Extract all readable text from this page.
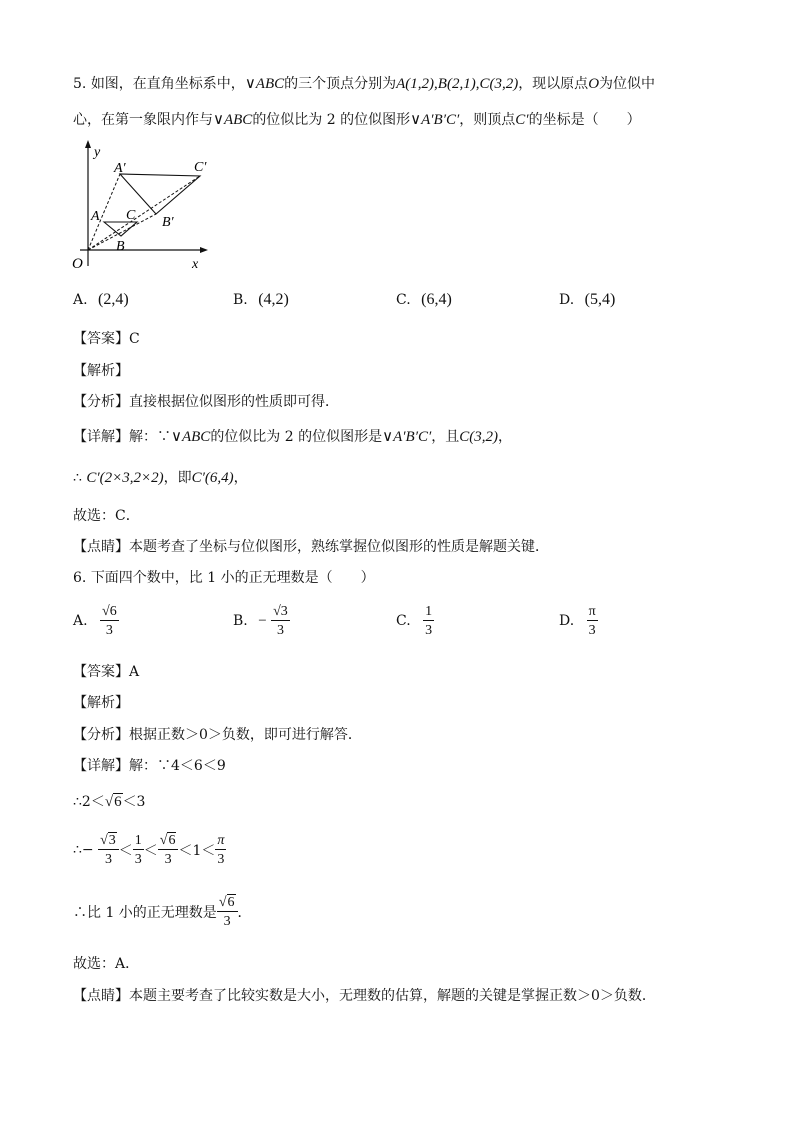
5. 如图，在直角坐标系中，∨ABC的三个顶点分别为A(1,2),B(2,1),C(3,2)，现以原点O为位似中
心，在第一象限内作与∨ABC的位似比为 2 的位似图形∨A′B′C′，则顶点C′的坐标是（　　）
y
x
O
A
B
C
A′
B′
C′
A. (2,4)	B. (4,2)	C. (6,4)	D. (5,4)
【答案】C
【解析】
【分析】直接根据位似图形的性质即可得．
【详解】解：∵∨ABC的位似比为 2 的位似图形是∨A′B′C′，且C(3,2)，
∴ C′(2×3,2×2)，即C′(6,4)，
故选：C．
【点睛】本题考查了坐标与位似图形，熟练掌握位似图形的性质是解题关键．
6. 下面四个数中，比 1 小的正无理数是（　　）
A. $\frac{√6}{3}$	B. − $\frac{√3}{3}$	C. $\frac{1}{3}$	D. $\frac{\pi}{3}$
【答案】A
【解析】
【分析】根据正数＞0＞负数，即可进行解答．
【详解】解：∵4＜6＜9
∴2＜√6＜3
∴− $\frac{√3}{3} < \frac{1}{3} < \frac{√6}{3} <1< \frac{\pi}{3}$
∴比 1 小的正无理数是 $\frac{√6}{3}$ ．
故选：A．
【点睛】本题主要考查了比较实数是大小，无理数的估算，解题的关键是掌握正数＞0＞负数．
